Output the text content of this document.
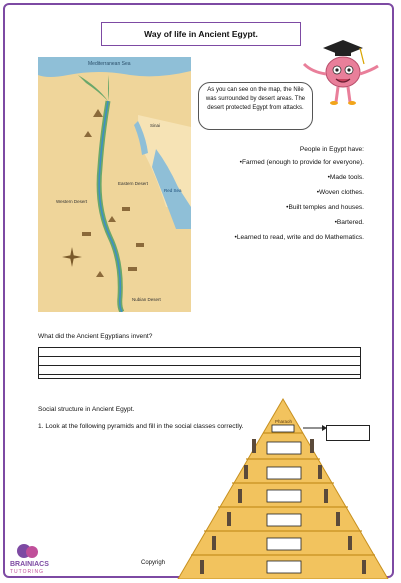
Way of life in Ancient Egypt.
Mediterranean Sea
Sinai
Eastern Desert
Red Sea
Western Desert
Nubian Desert
As you can see on the map, the Nile was surrounded by desert areas. The desert protected Egypt from attacks.
People in Egypt have:
• Farmed (enough to provide for everyone).
• Made tools.
• Woven clothes.
• Built temples and houses.
• Bartered.
• Learned to read, write and do Mathematics.
What did the Ancient Egyptians invent?
Social structure in Ancient Egypt.
1. Look at the following pyramids and fill in the social classes correctly.
Pharaoh
BRAINIACS
TUTORING
Copyrigh
